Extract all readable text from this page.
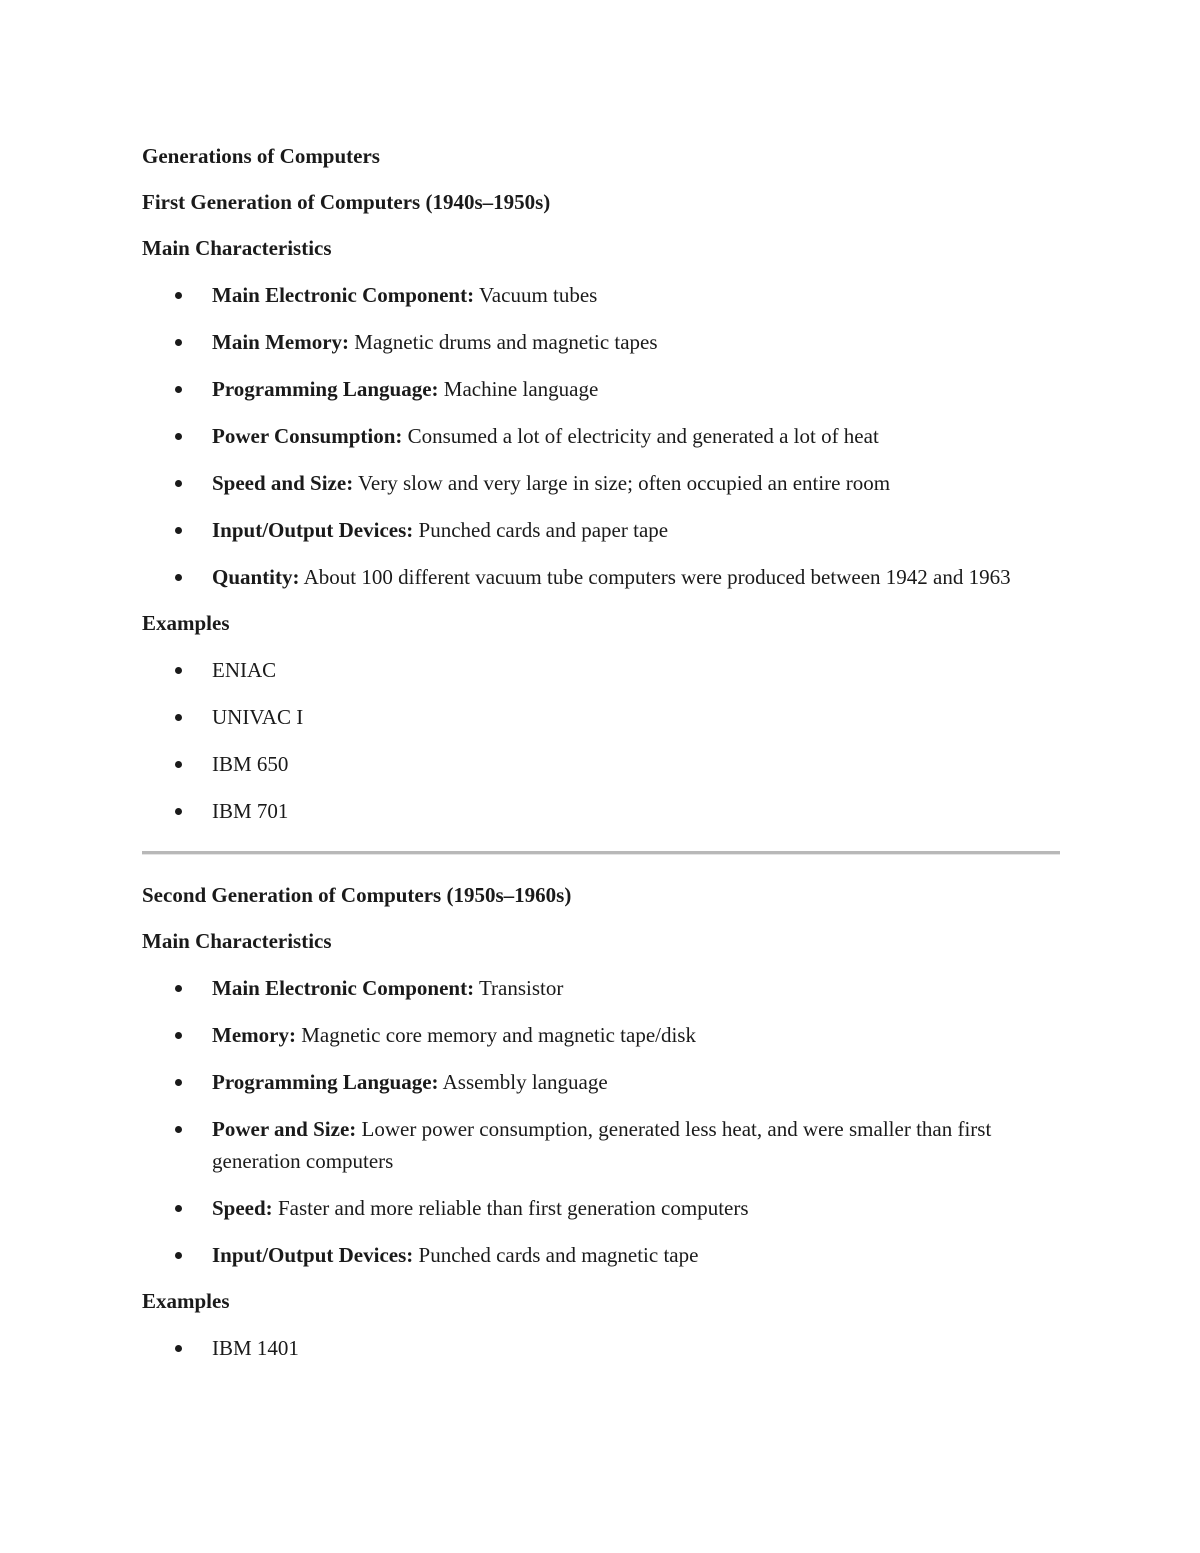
Generations of Computers

First Generation of Computers (1940s–1950s)

Main Characteristics

Main Electronic Component: Vacuum tubes
Main Memory: Magnetic drums and magnetic tapes
Programming Language: Machine language
Power Consumption: Consumed a lot of electricity and generated a lot of heat
Speed and Size: Very slow and very large in size; often occupied an entire room
Input/Output Devices: Punched cards and paper tape
Quantity: About 100 different vacuum tube computers were produced between 1942 and 1963

Examples

ENIAC
UNIVAC I
IBM 650
IBM 701

Second Generation of Computers (1950s–1960s)

Main Characteristics

Main Electronic Component: Transistor
Memory: Magnetic core memory and magnetic tape/disk
Programming Language: Assembly language
Power and Size: Lower power consumption, generated less heat, and were smaller than first generation computers
Speed: Faster and more reliable than first generation computers
Input/Output Devices: Punched cards and magnetic tape

Examples

IBM 1401
